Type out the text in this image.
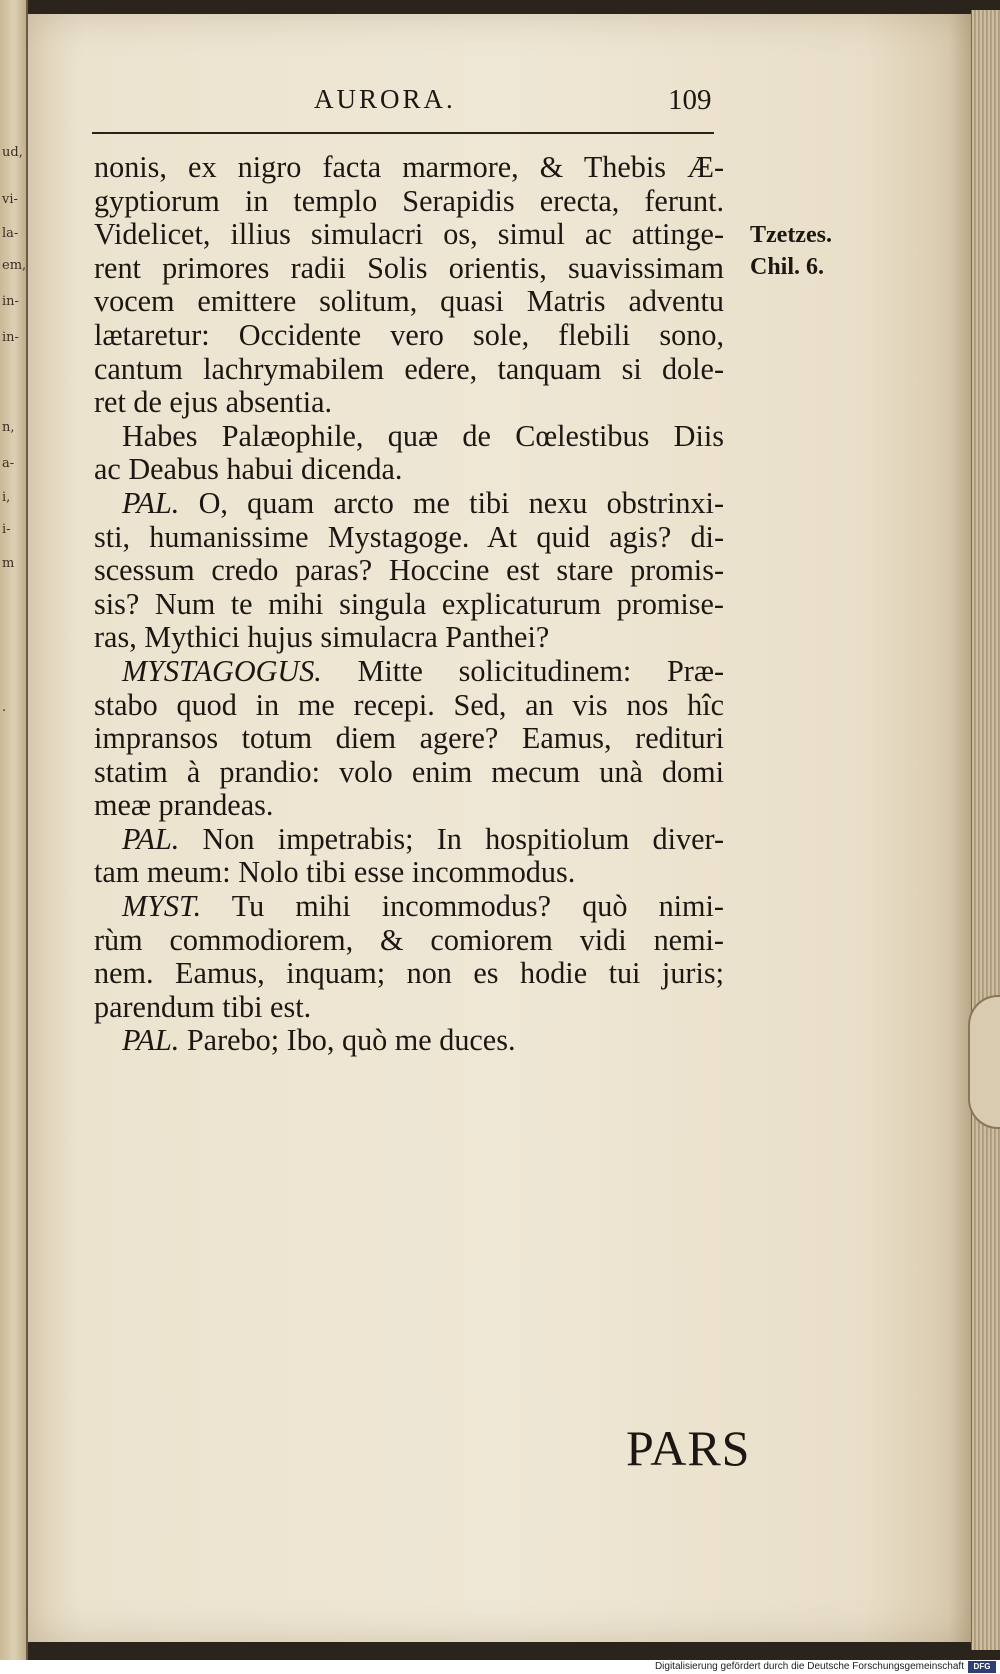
ud,
vi-
la-
em,
in-
in-
n,
a-
i,
i-
m
.
AURORA.	109
nonis, ex nigro facta marmore, & Thebis Æ-
gyptiorum in templo Serapidis erecta, ferunt.
Videlicet, illius simulacri os, simul ac attinge-
rent primores radii Solis orientis, suavissimam
vocem emittere solitum, quasi Matris adventu
lætaretur: Occidente vero sole, flebili sono,
cantum lachrymabilem edere, tanquam si dole-
ret de ejus absentia.
Habes Palæophile, quæ de Cœlestibus Diis
ac Deabus habui dicenda.
PAL. O, quam arcto me tibi nexu obstrinxi-
sti, humanissime Mystagoge. At quid agis? di-
scessum credo paras? Hoccine est stare promis-
sis? Num te mihi singula explicaturum promise-
ras, Mythici hujus simulacra Panthei?
MYSTAGOGUS. Mitte solicitudinem: Præ-
stabo quod in me recepi. Sed, an vis nos hîc
impransos totum diem agere? Eamus, redituri
statim à prandio: volo enim mecum unà domi
meæ prandeas.
PAL. Non impetrabis; In hospitiolum diver-
tam meum: Nolo tibi esse incommodus.
MYST. Tu mihi incommodus? quò nimi-
rùm commodiorem, & comiorem vidi nemi-
nem. Eamus, inquam; non es hodie tui juris;
parendum tibi est.
PAL. Parebo; Ibo, quò me duces.
Tzetzes.
Chil. 6.
PARS
Digitalisierung gefördert durch die Deutsche Forschungsgemeinschaft	DFG
